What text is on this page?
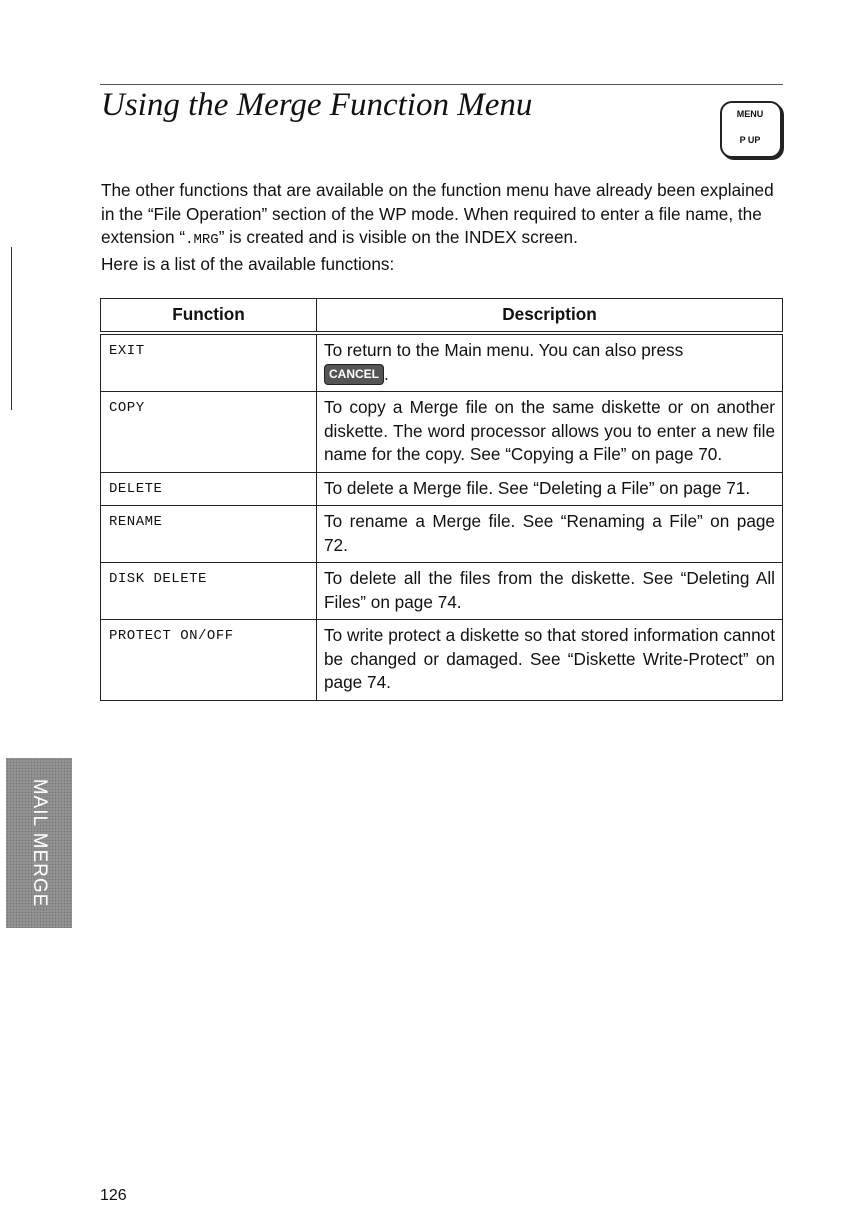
Using the Merge Function Menu	MENU
P UP

The other functions that are available on the function menu have already been explained in the “File Operation” section of the WP mode. When required to enter a file name, the extension “.MRG” is created and is visible on the INDEX screen.

Here is a list of the available functions:

Function	Description
EXIT	To return to the Main menu. You can also press
CANCEL .
COPY	To copy a Merge file on the same diskette or on another diskette. The word processor allows you to enter a new file name for the copy. See “Copying a File” on page 70.
DELETE	To delete a Merge file. See “Deleting a File” on page 71.
RENAME	To rename a Merge file. See “Renaming a File” on page 72.
DISK DELETE	To delete all the files from the diskette. See “Deleting All Files” on page 74.
PROTECT ON/OFF	To write protect a diskette so that stored information cannot be changed or damaged. See “Diskette Write-Protect” on page 74.
MAIL MERGE
126
